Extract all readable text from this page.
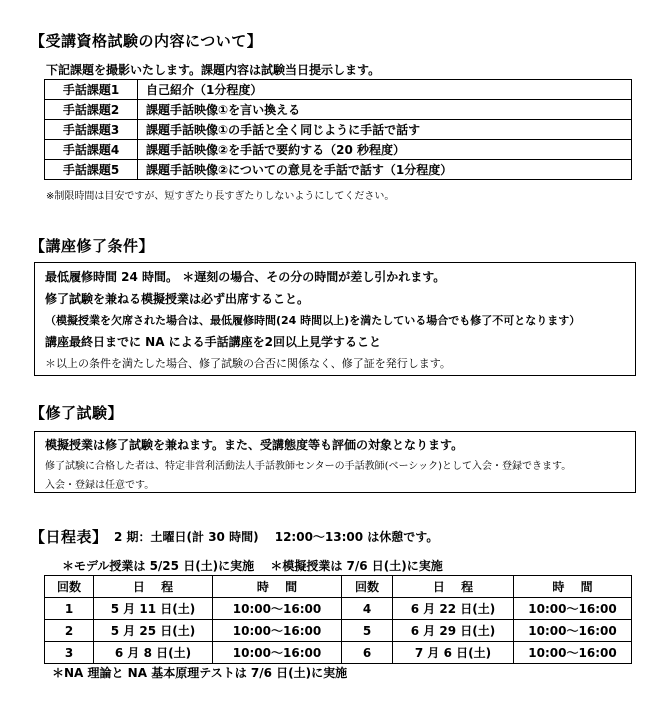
【受講資格試験の内容について】
下記課題を撮影いたします。課題内容は試験当日提示します。
手話課題1	自己紹介（1分程度）
手話課題2	課題手話映像①を言い換える
手話課題3	課題手話映像①の手話と全く同じように手話で話す
手話課題4	課題手話映像②を手話で要約する（20 秒程度）
手話課題5	課題手話映像②についての意見を手話で話す（1分程度）
※制限時間は目安ですが、短すぎたり長すぎたりしないようにしてください。
【講座修了条件】
最低履修時間 24 時間。 ＊遅刻の場合、その分の時間が差し引かれます。
修了試験を兼ねる模擬授業は必ず出席すること。
（模擬授業を欠席された場合は、最低履修時間(24 時間以上)を満たしている場合でも修了不可となります）
講座最終日までに NA による手話講座を2回以上見学すること
＊以上の条件を満たした場合、修了試験の合否に関係なく、修了証を発行します。
【修了試験】
模擬授業は修了試験を兼ねます。また、受講態度等も評価の対象となります。
修了試験に合格した者は、特定非営利活動法人手話教師センターの手話教師(ベーシック)として入会・登録できます。
入会・登録は任意です。
【日程表】 2 期：土曜日(計 30 時間)　 12:00～13:00 は休憩です。
＊モデル授業は 5/25 日(土)に実施　 ＊模擬授業は 7/6 日(土)に実施
回数	日　 程	時　 間	回数	日　 程	時　 間
1	5 月 11 日(土)	10:00～16:00	4	6 月 22 日(土)	10:00～16:00
2	5 月 25 日(土)	10:00～16:00	5	6 月 29 日(土)	10:00～16:00
3	6 月 8 日(土)	10:00～16:00	6	7 月 6 日(土)	10:00～16:00
＊NA 理論と NA 基本原理テストは 7/6 日(土)に実施
